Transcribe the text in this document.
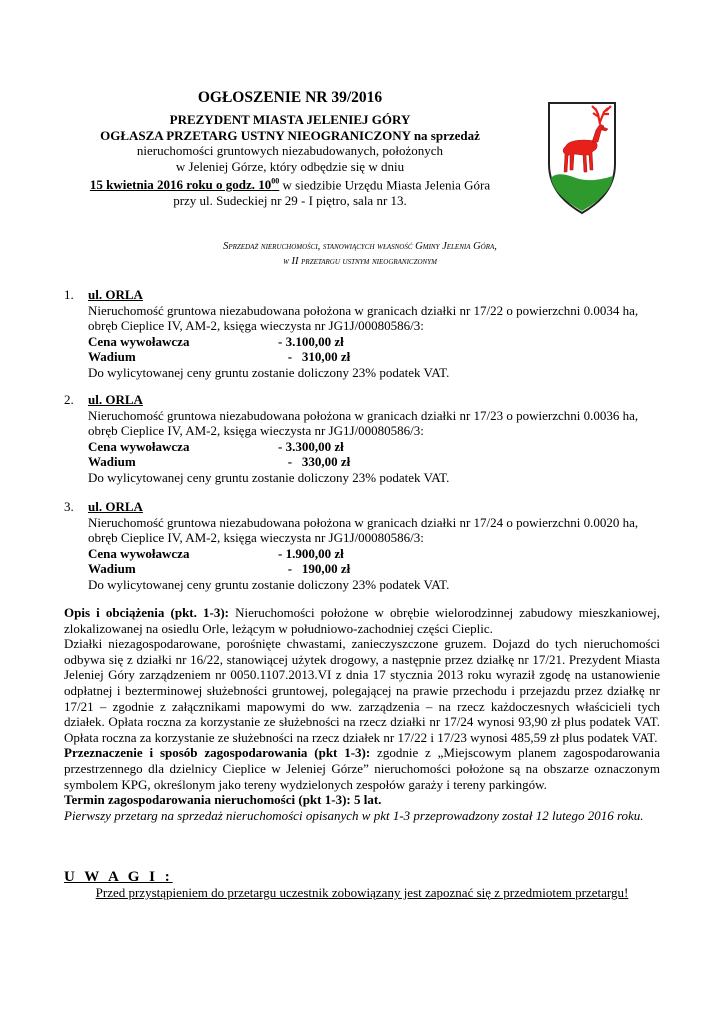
OGŁOSZENIE NR 39/2016
PREZYDENT MIASTA JELENIEJ GÓRY
OGŁASZA PRZETARG USTNY NIEOGRANICZONY na sprzedaż
nieruchomości gruntowych niezabudowanych, położonych
w Jeleniej Górze, który odbędzie się w dniu
15 kwietnia 2016 roku o godz. $10^{00}$ w siedzibie Urzędu Miasta Jelenia Góra
przy ul. Sudeckiej nr 29 - I piętro, sala nr 13.
Sprzedaż nieruchomości, stanowiących własność Gminy Jelenia Góra,
w II przetargu ustnym nieograniczonym
1. ul. ORLA
Nieruchomość gruntowa niezabudowana położona w granicach działki nr 17/22 o powierzchni 0.0034 ha,
obręb Cieplice IV, AM-2, księga wieczysta nr JG1J/00080586/3:
Cena wywoławcza	- 3.100,00 zł
Wadium	-   310,00 zł
Do wylicytowanej ceny gruntu zostanie doliczony 23% podatek VAT.
2. ul. ORLA
Nieruchomość gruntowa niezabudowana położona w granicach działki nr 17/23 o powierzchni 0.0036 ha,
obręb Cieplice IV, AM-2, księga wieczysta nr JG1J/00080586/3:
Cena wywoławcza	- 3.300,00 zł
Wadium	-   330,00 zł
Do wylicytowanej ceny gruntu zostanie doliczony 23% podatek VAT.
3. ul. ORLA
Nieruchomość gruntowa niezabudowana położona w granicach działki nr 17/24 o powierzchni 0.0020 ha,
obręb Cieplice IV, AM-2, księga wieczysta nr JG1J/00080586/3:
Cena wywoławcza	- 1.900,00 zł
Wadium	-   190,00 zł
Do wylicytowanej ceny gruntu zostanie doliczony 23% podatek VAT.
Opis i obciążenia (pkt. 1-3): Nieruchomości położone w obrębie wielorodzinnej zabudowy mieszkaniowej, zlokalizowanej na osiedlu Orle, leżącym w południowo-zachodniej części Cieplic.
Działki niezagospodarowane, porośnięte chwastami, zanieczyszczone gruzem. Dojazd do tych nieruchomości odbywa się z działki nr 16/22, stanowiącej użytek drogowy, a następnie przez działkę nr 17/21. Prezydent Miasta Jeleniej Góry zarządzeniem nr 0050.1107.2013.VI z dnia 17 stycznia 2013 roku wyraził zgodę na ustanowienie odpłatnej i bezterminowej służebności gruntowej, polegającej na prawie przechodu i przejazdu przez działkę nr 17/21 – zgodnie z załącznikami mapowymi do ww. zarządzenia – na rzecz każdoczesnych właścicieli tych działek. Opłata roczna za korzystanie ze służebności na rzecz działki nr 17/24 wynosi 93,90 zł plus podatek VAT. Opłata roczna za korzystanie ze służebności na rzecz działek nr 17/22 i 17/23 wynosi 485,59 zł plus podatek VAT.
Przeznaczenie i sposób zagospodarowania (pkt 1-3): zgodnie z „Miejscowym planem zagospodarowania przestrzennego dla dzielnicy Cieplice w Jeleniej Górze” nieruchomości położone są na obszarze oznaczonym symbolem KPG, określonym jako tereny wydzielonych zespołów garaży i tereny parkingów.
Termin zagospodarowania nieruchomości (pkt 1-3): 5 lat.
Pierwszy przetarg na sprzedaż nieruchomości opisanych w pkt 1-3 przeprowadzony został 12 lutego 2016 roku.
U W A G I :
Przed przystąpieniem do przetargu uczestnik zobowiązany jest zapoznać się z przedmiotem przetargu!
